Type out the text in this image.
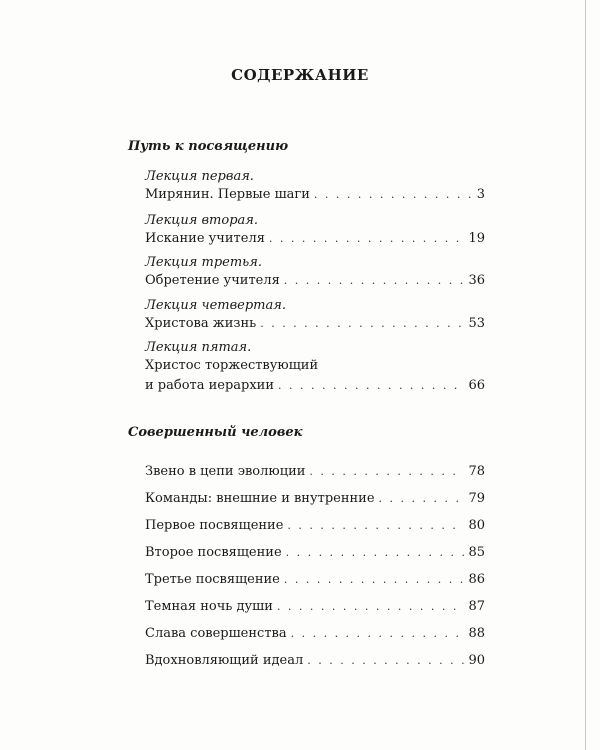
СОДЕРЖАНИЕ
Путь к посвящению
Лекция первая.
Мирянин. Первые шаги . . .	3
Лекция вторая.
Искание учителя . . .	19
Лекция третья.
Обретение учителя . . .	36
Лекция четвертая.
Христова жизнь . . .	53
Лекция пятая.
Христос торжествующий
и работа иерархии . . .	66
Совершенный человек
Звено в цепи эволюции . . .	78
Команды: внешние и внутренние . . .	79
Первое посвящение . . .	80
Второе посвящение . . .	85
Третье посвящение . . .	86
Темная ночь души . . .	87
Слава совершенства . . .	88
Вдохновляющий идеал . . .	90
